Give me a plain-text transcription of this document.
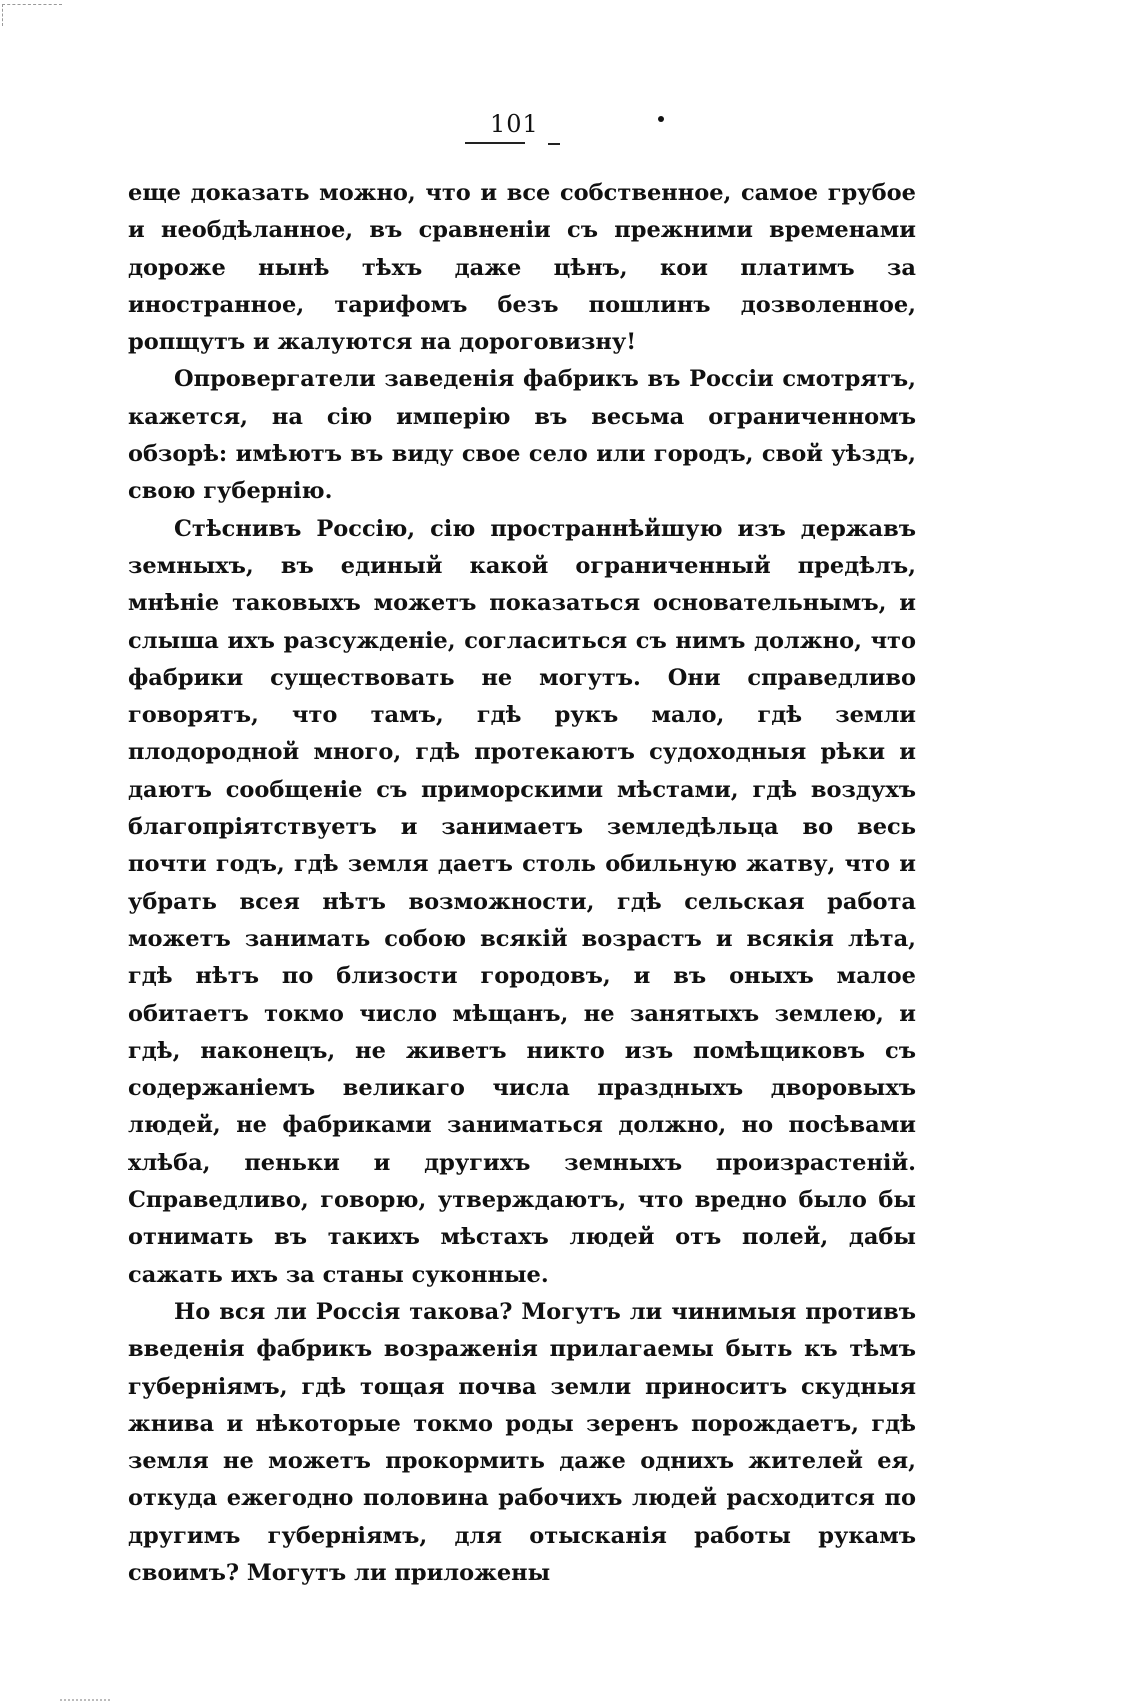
101

еще доказать можно, что и все собственное, самое грубое и необдѣланное, въ сравненіи съ прежними временами дороже нынѣ тѣхъ даже цѣнъ, кои платимъ за иностранное, тарифомъ безъ пошлинъ дозволенное, ропщутъ и жалуются на дороговизну!

Опровергатели заведенія фабрикъ въ Россіи смотрятъ, кажется, на сію имперію въ весьма ограниченномъ обзорѣ: имѣютъ въ виду свое село или городъ, свой уѣздъ, свою губернію.

Стѣснивъ Россію, сію пространнѣйшую изъ державъ земныхъ, въ единый какой ограниченный предѣлъ, мнѣніе таковыхъ можетъ показаться основательнымъ, и слыша ихъ разсужденіе, согласиться съ нимъ должно, что фабрики существовать не могутъ. Они справедливо говорятъ, что тамъ, гдѣ рукъ мало, гдѣ земли плодородной много, гдѣ протекаютъ судоходныя рѣки и даютъ сообщеніе съ приморскими мѣстами, гдѣ воздухъ благопріятствуетъ и занимаетъ земледѣльца во весь почти годъ, гдѣ земля даетъ столь обильную жатву, что и убрать всея нѣтъ возможности, гдѣ сельская работа можетъ занимать собою всякій возрастъ и всякія лѣта, гдѣ нѣтъ по близости городовъ, и въ оныхъ малое обитаетъ токмо число мѣщанъ, не занятыхъ землею, и гдѣ, наконецъ, не живетъ никто изъ помѣщиковъ съ содержаніемъ великаго числа праздныхъ дворовыхъ людей, не фабриками заниматься должно, но посѣвами хлѣба, пеньки и другихъ земныхъ произрастеній. Справедливо, говорю, утверждаютъ, что вредно было бы отнимать въ такихъ мѣстахъ людей отъ полей, дабы сажать ихъ за станы суконные.

Но вся ли Россія такова? Могутъ ли чинимыя противъ введенія фабрикъ возраженія прилагаемы быть къ тѣмъ губерніямъ, гдѣ тощая почва земли приноситъ скудныя жнива и нѣкоторые токмо роды зеренъ порождаетъ, гдѣ земля не можетъ прокормить даже однихъ жителей ея, откуда ежегодно половина рабочихъ людей расходится по другимъ губерніямъ, для отысканія работы рукамъ своимъ? Могутъ ли приложены
